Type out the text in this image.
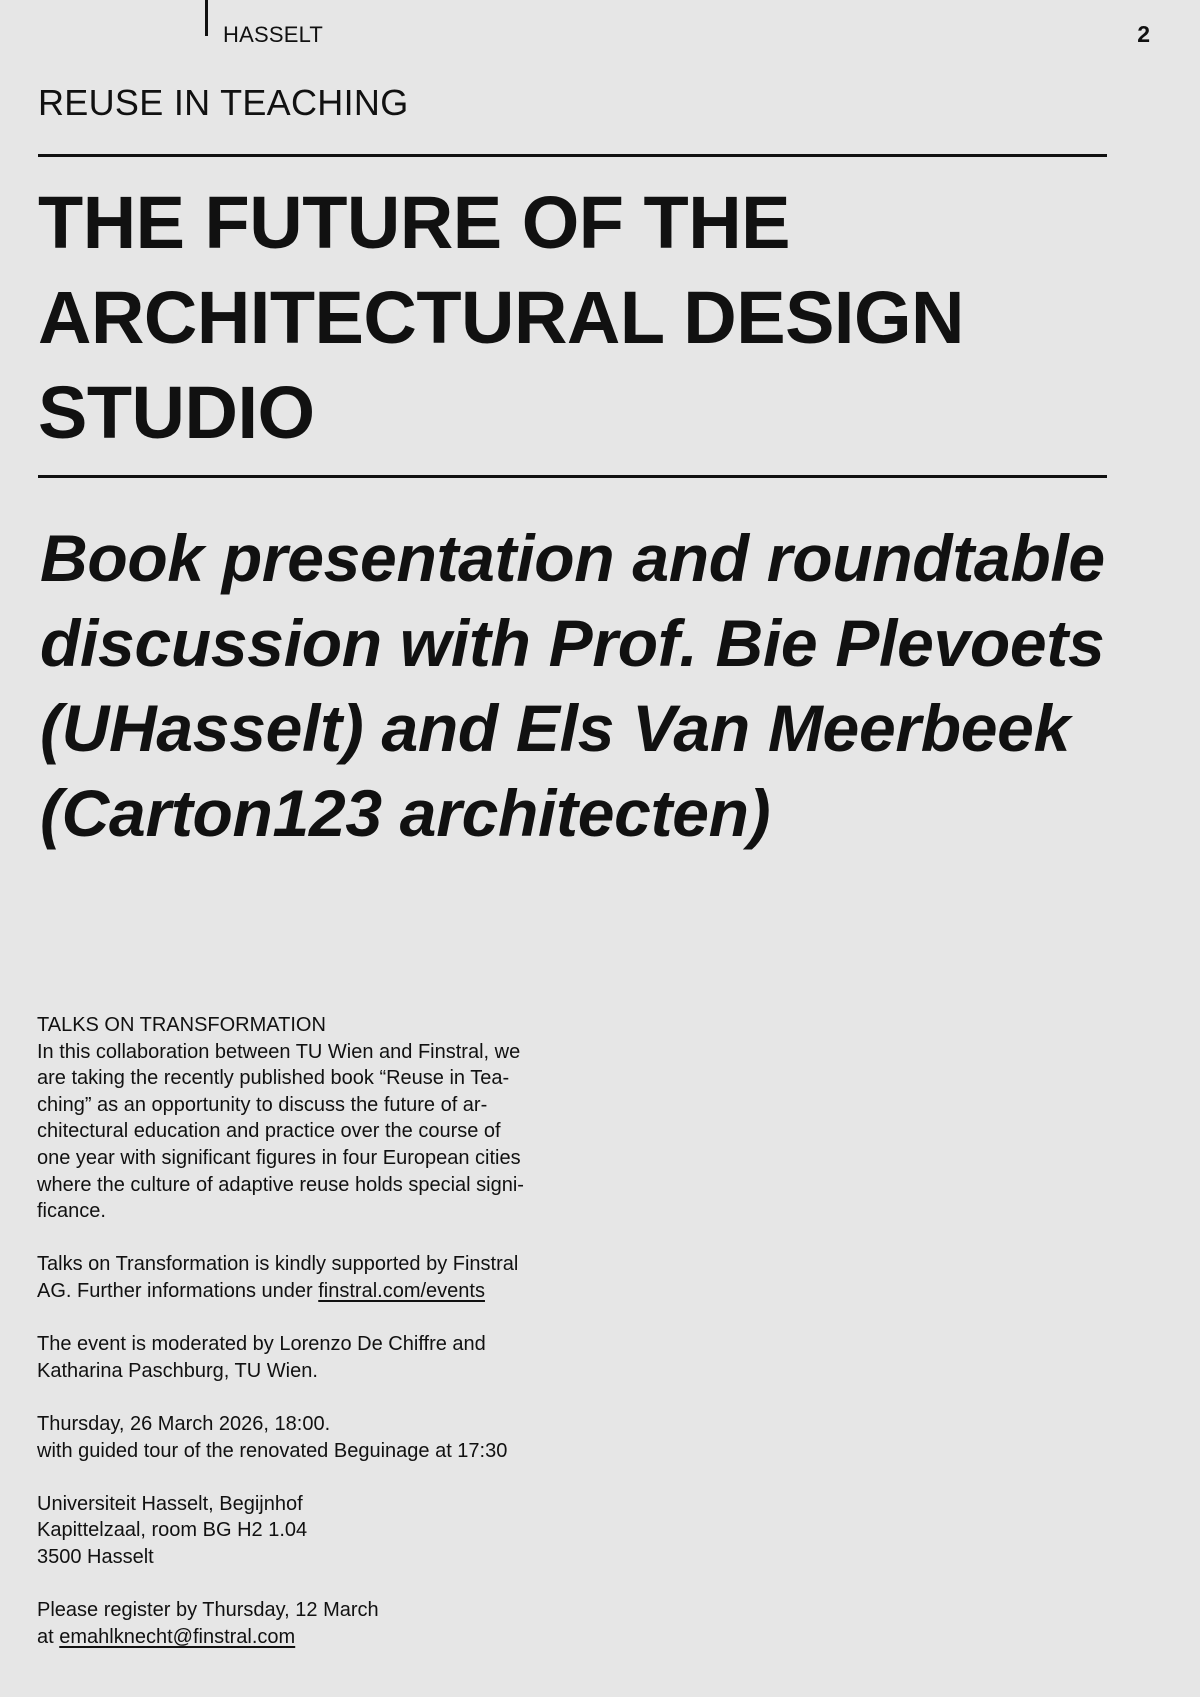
HASSELT	2
REUSE IN TEACHING
THE FUTURE OF THE
ARCHITECTURAL DESIGN
STUDIO
Book presentation and roundtable
discussion with Prof. Bie Plevoets
(UHasselt) and Els Van Meerbeek
(Carton123 architecten)

TALKS ON TRANSFORMATION
In this collaboration between TU Wien and Finstral, we
are taking the recently published book “Reuse in Tea-
ching” as an opportunity to discuss the future of ar-
chitectural education and practice over the course of
one year with significant figures in four European cities
where the culture of adaptive reuse holds special signi-
ficance.

Talks on Transformation is kindly supported by Finstral
AG. Further informations under finstral.com/events

The event is moderated by Lorenzo De Chiffre and
Katharina Paschburg, TU Wien.

Thursday, 26 March 2026, 18:00.
with guided tour of the renovated Beguinage at 17:30

Universiteit Hasselt, Begijnhof
Kapittelzaal, room BG H2 1.04
3500 Hasselt

Please register by Thursday, 12 March
at emahlknecht@finstral.com
